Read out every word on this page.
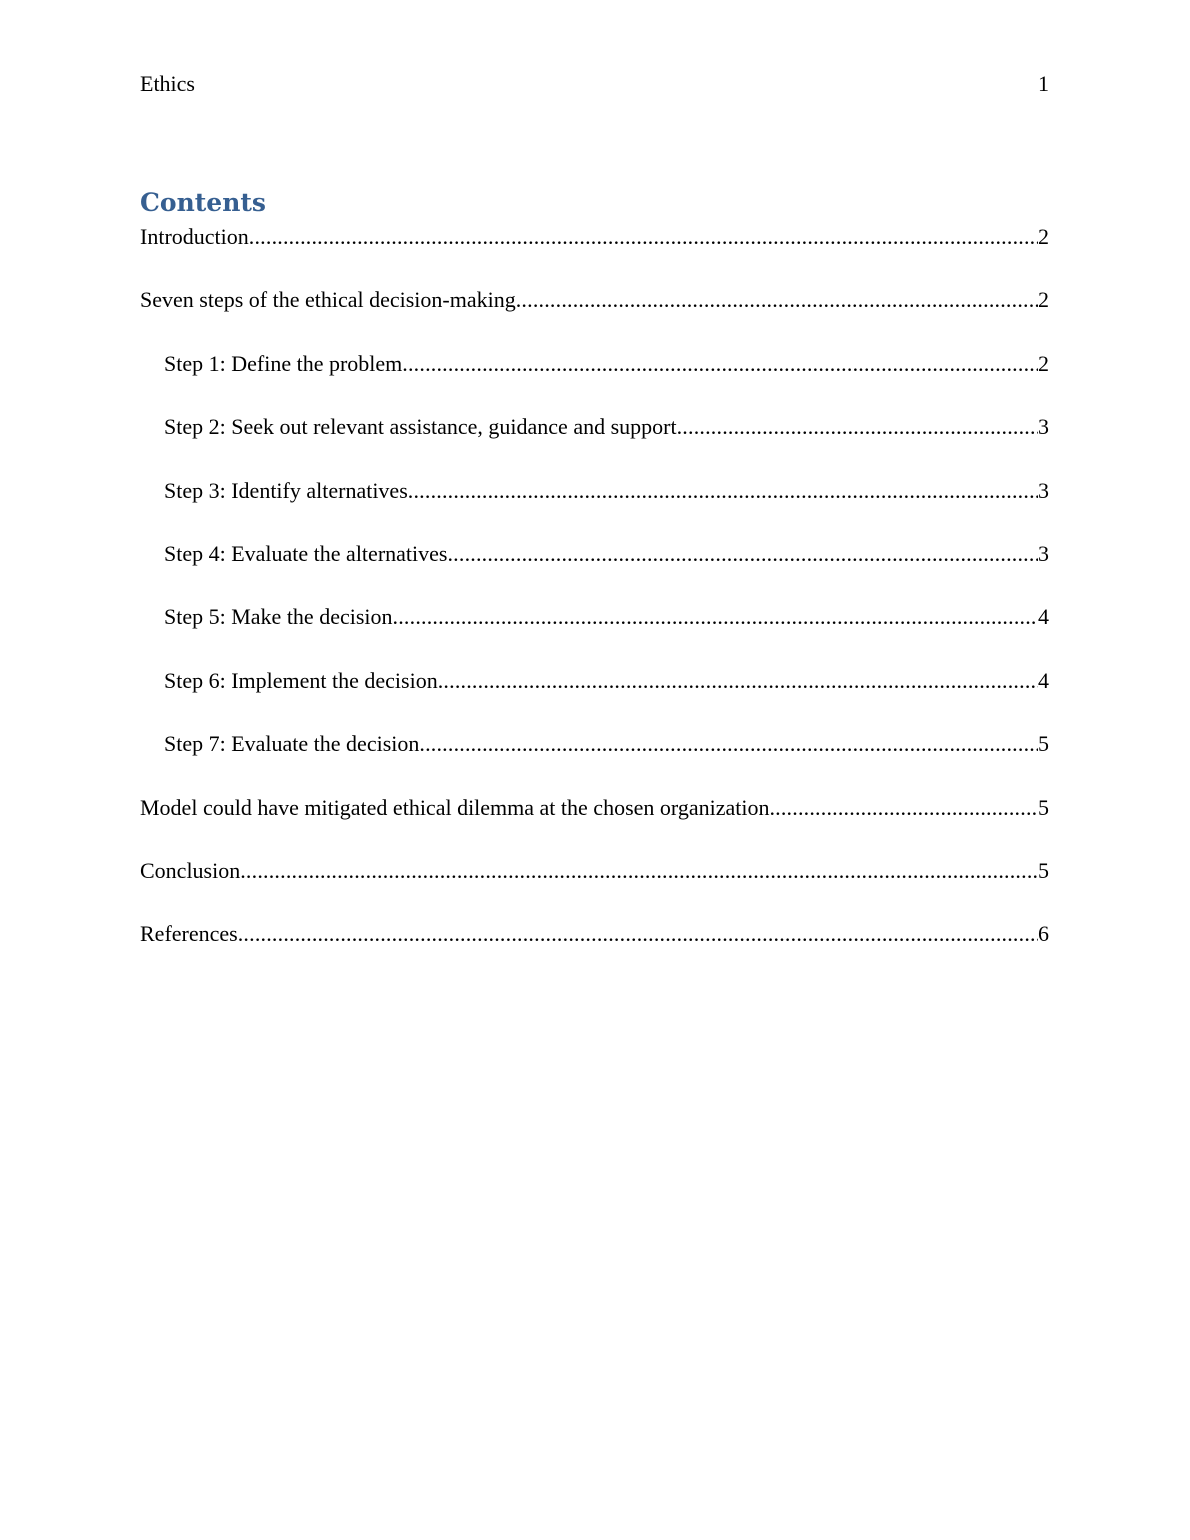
Ethics	1
Contents
Introduction .....	2
Seven steps of the ethical decision-making .....	2
Step 1: Define the problem .....	2
Step 2: Seek out relevant assistance, guidance and support .....	3
Step 3: Identify alternatives .....	3
Step 4: Evaluate the alternatives .....	3
Step 5: Make the decision .....	4
Step 6: Implement the decision .....	4
Step 7: Evaluate the decision .....	5
Model could have mitigated ethical dilemma at the chosen organization .....	5
Conclusion .....	5
References .....	6
